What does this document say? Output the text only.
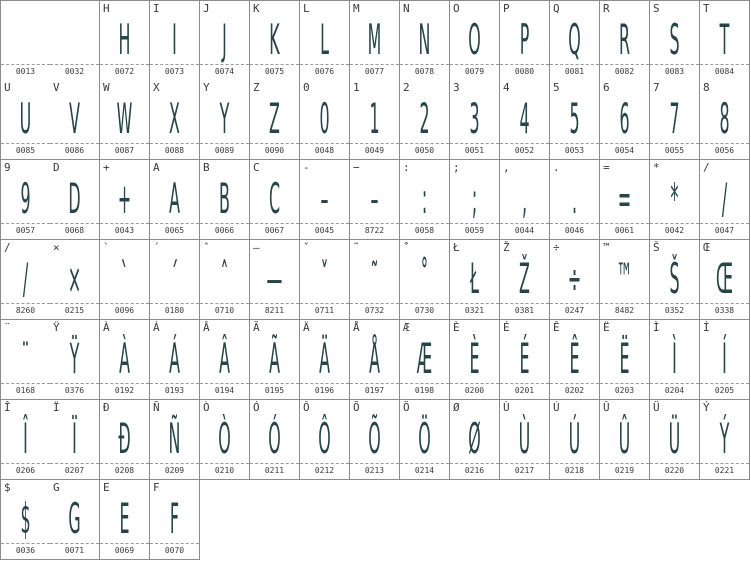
0013	0032
H
H
0072
I
I
0073
J
J
0074
K
K
0075
L
L
0076
M
M
0077
N
N
0078
O
O
0079
P
P
0080
Q
Q
0081
R
R
0082
S
S
0083
T
T
0084
U
U
0085
V
V
0086
W
W
0087
X
X
0088
Y
Y
0089
Z
Z
0090
0
0
0048
1
1
0049
2
2
0050
3
3
0051
4
4
0052
5
5
0053
6
6
0054
7
7
0055
8
8
0056
9
9
0057
D
D
0068
+
+
0043
A
A
0065
B
B
0066
C
C
0067
-
–
0045
−
–
8722
:
:
0058
;
;
0059
,
,
0044
.
.
0046
=
=
0061
*
*
0042
/
/
0047
∕
/
8260
×
×
0215
`
`
0096
´
´
0180
ˆ
ˆ
0710
—
—
8211
ˇ
ˇ
0711
˜
˜
0732
˚
˚
0730
Ł
Ł
0321
Ž
Ž
0381
÷
÷
0247
™
™
8482
Š
Š
0352
Œ
Œ
0338
¨
¨
0168
Ÿ
Ÿ
0376
À
À
0192
Á
Á
0193
Â
Â
0194
Ã
Ã
0195
Ä
Ä
0196
Å
Å
0197
Æ
Æ
0198
È
È
0200
É
É
0201
Ê
Ê
0202
Ë
Ë
0203
Ì
Ì
0204
Í
Í
0205
Î
Î
0206
Ï
Ï
0207
Ð
Ð
0208
Ñ
Ñ
0209
Ò
Ò
0210
Ó
Ó
0211
Ô
Ô
0212
Õ
Õ
0213
Ö
Ö
0214
Ø
Ø
0216
Ù
Ù
0217
Ú
Ú
0218
Û
Û
0219
Ü
Ü
0220
Ý
Ý
0221
$
$
0036
G
G
0071
E
E
0069
F
F
0070
